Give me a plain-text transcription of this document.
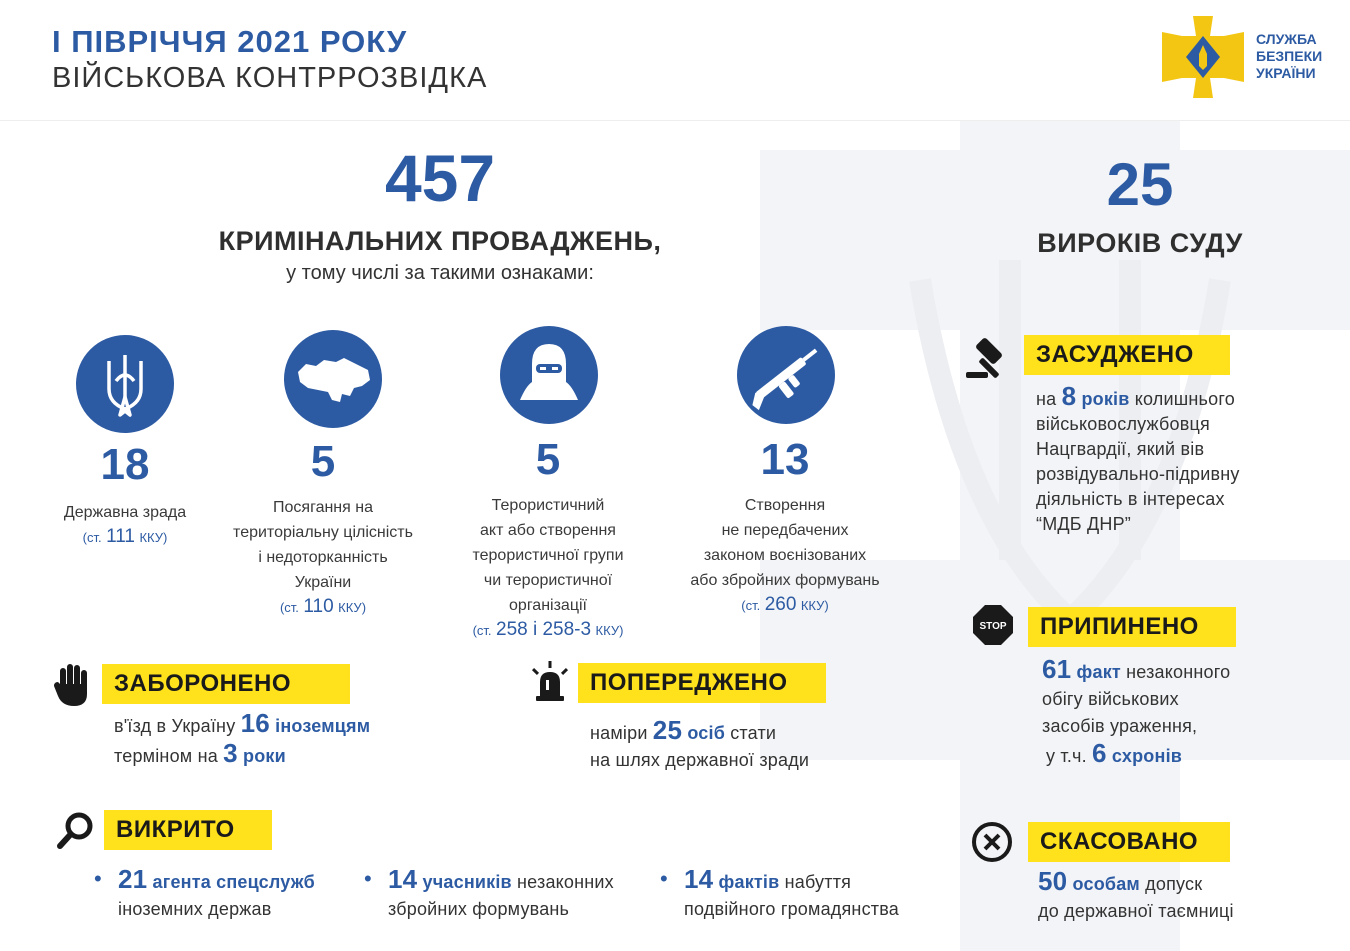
І ПІВРІЧЧЯ 2021 РОКУ
ВІЙСЬКОВА КОНТРРОЗВІДКА
СЛУЖБА
БЕЗПЕКИ
УКРАЇНИ
457
КРИМІНАЛЬНИХ ПРОВАДЖЕНЬ,
у тому числі за такими ознаками:
25
ВИРОКІВ СУДУ
18
Державна зрада
(ст. 111 ККУ)
5
Посягання на
територіальну цілісність
і недоторканність
України
(ст. 110 ККУ)
5
Терористичний
акт або створення
терористичної групи
чи терористичної
організації
(ст. 258 і 258-3 ККУ)
13
Створення
не передбачених
законом воєнізованих
або збройних формувань
(ст. 260 ККУ)
ЗАБОРОНЕНО
в'їзд в Україну 16 іноземцям
терміном на 3 роки
ПОПЕРЕДЖЕНО
наміри 25 осіб стати
на шлях державної зради
ВИКРИТО
• 21 агента спецслужб
іноземних держав
• 14 учасників незаконних
збройних формувань
• 14 фактів набуття
подвійного громадянства
ЗАСУДЖЕНО
на 8 років колишнього
військовослужбовця
Нацгвардії, який вів
розвідувально-підривну
діяльність в інтересах
“МДБ ДНР”
STOP	ПРИПИНЕНО
61 факт незаконного
обігу військових
засобів ураження,
у т.ч. 6 схронів
СКАСОВАНО
50 особам допуск
до державної таємниці
